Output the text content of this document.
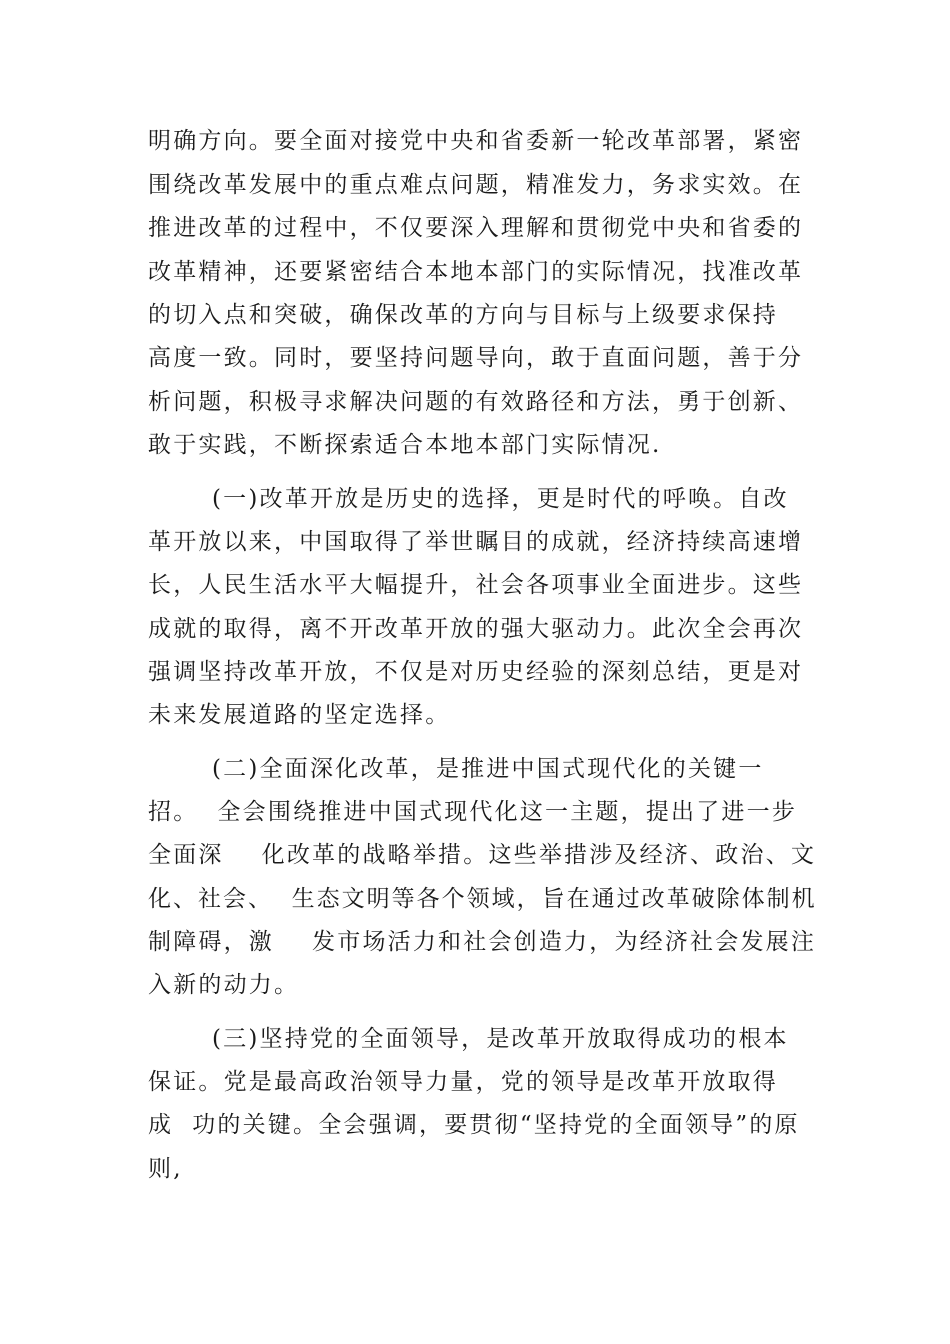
明确方向。要全面对接党中央和省委新一轮改革部署，紧密
围绕改革发展中的重点难点问题，精准发力，务求实效。在
推进改革的过程中，不仅要深入理解和贯彻党中央和省委的
改革精神，还要紧密结合本地本部门的实际情况，找准改革
的切入点和突破，确保改革的方向与目标与上级要求保持
高度一致。同时，要坚持问题导向，敢于直面问题，善于分
析问题，积极寻求解决问题的有效路径和方法，勇于创新、
敢于实践，不断探索适合本地本部门实际情况.
(一)改革开放是历史的选择，更是时代的呼唤。自改
革开放以来，中国取得了举世瞩目的成就，经济持续高速增
长，人民生活水平大幅提升，社会各项事业全面进步。这些
成就的取得，离不开改革开放的强大驱动力。此次全会再次
强调坚持改革开放，不仅是对历史经验的深刻总结，更是对
未来发展道路的坚定选择。
(二)全面深化改革，是推进中国式现代化的关键一
招。  全会围绕推进中国式现代化这一主题，提出了进一步
全面深    化改革的战略举措。这些举措涉及经济、政治、文
化、社会、  生态文明等各个领域，旨在通过改革破除体制机
制障碍，激    发市场活力和社会创造力，为经济社会发展注
入新的动力。
(三)坚持党的全面领导，是改革开放取得成功的根本
保证。党是最高政治领导力量，党的领导是改革开放取得
成  功的关键。全会强调，要贯彻“坚持党的全面领导”的原
则,
